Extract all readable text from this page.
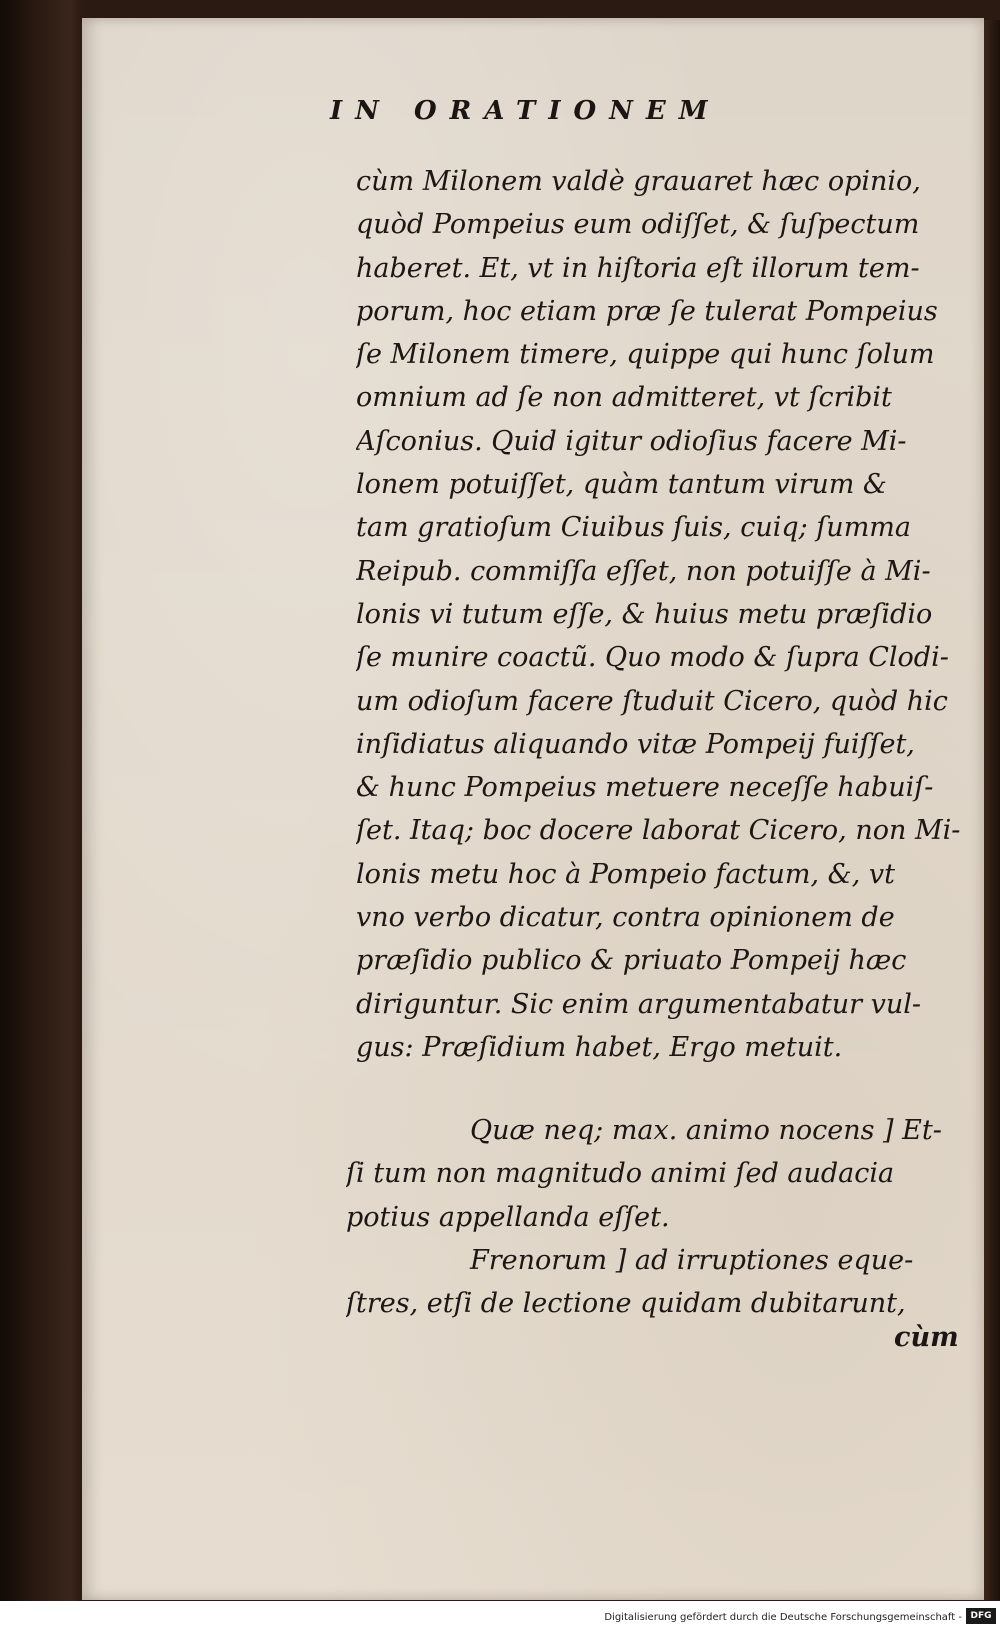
IN ORATIONEM
cùm Milonem valdè grauaret hæc opinio,
quòd Pompeius eum odiſſet, & ſuſpectum
haberet. Et, vt in hiſtoria eſt illorum tem-
porum, hoc etiam præ ſe tulerat Pompeius
ſe Milonem timere, quippe qui hunc ſolum
omnium ad ſe non admitteret, vt ſcribit
Aſconius. Quid igitur odioſius facere Mi-
lonem potuiſſet, quàm tantum virum &
tam gratioſum Ciuibus ſuis, cuiq; ſumma
Reipub. commiſſa eſſet, non potuiſſe à Mi-
lonis vi tutum eſſe, & huius metu præſidio
ſe munire coactũ. Quo modo & ſupra Clodi-
um odioſum facere ſtuduit Cicero, quòd hic
inſidiatus aliquando vitæ Pompeij fuiſſet,
& hunc Pompeius metuere neceſſe habuiſ-
ſet. Itaq; boc docere laborat Cicero, non Mi-
lonis metu hoc à Pompeio factum, &, vt
vno verbo dicatur, contra opinionem de
præſidio publico & priuato Pompeij hæc
diriguntur. Sic enim argumentabatur vul-
gus: Præſidium habet, Ergo metuit.
Quæ neq; max. animo nocens ] Et-
ſi tum non magnitudo animi ſed audacia
potius appellanda eſſet.
Frenorum ] ad irruptiones eque-
ſtres, etſi de lectione quidam dubitarunt,
cùm
Digitalisierung gefördert durch die Deutsche Forschungsgemeinschaft - DFG
